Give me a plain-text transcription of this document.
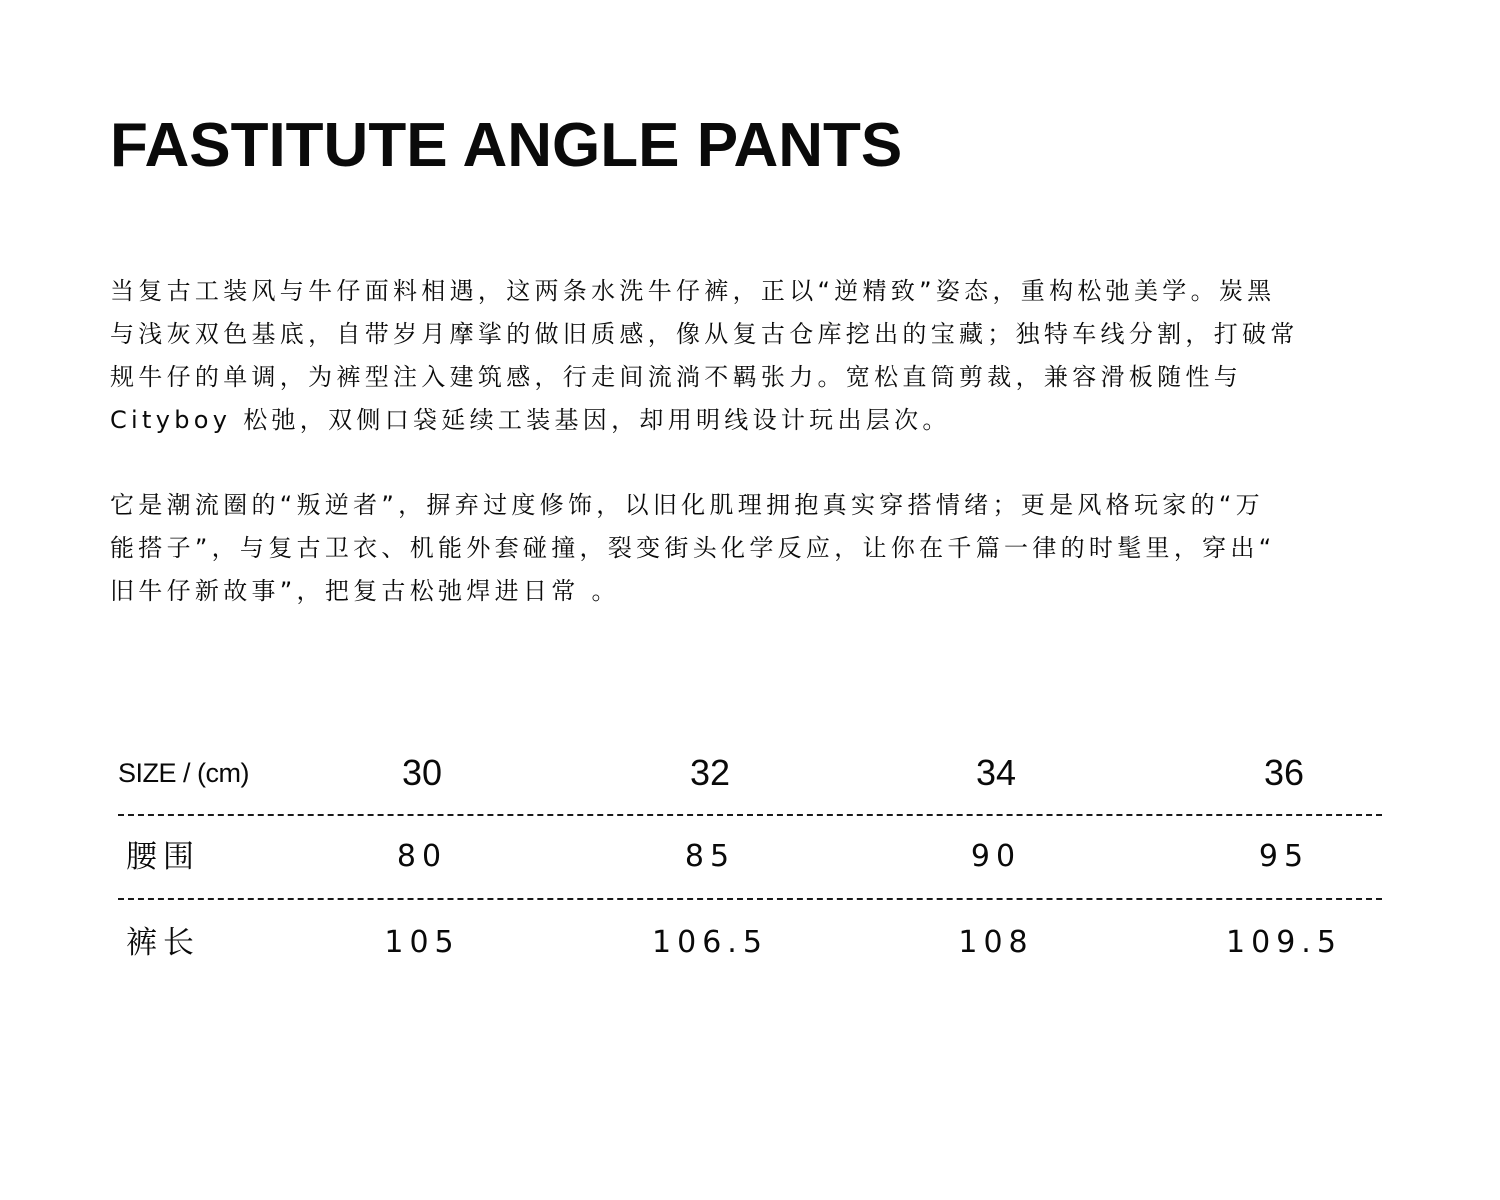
FASTITUTE ANGLE PANTS
当复古工装风与牛仔面料相遇，这两条水洗牛仔裤，正以“逆精致”姿态，重构松弛美学。炭黑
与浅灰双色基底，自带岁月摩挲的做旧质感，像从复古仓库挖出的宝藏；独特车线分割，打破常
规牛仔的单调，为裤型注入建筑感，行走间流淌不羁张力。宽松直筒剪裁，兼容滑板随性与
Cityboy 松弛，双侧口袋延续工装基因，却用明线设计玩出层次。
它是潮流圈的“叛逆者”，摒弃过度修饰，以旧化肌理拥抱真实穿搭情绪；更是风格玩家的“万
能搭子”，与复古卫衣、机能外套碰撞，裂变街头化学反应，让你在千篇一律的时髦里，穿出“
旧牛仔新故事”，把复古松弛焊进日常 。
SIZE / (cm)	30	32	34	36
腰围	80	85	90	95
裤长	105	106.5	108	109.5
